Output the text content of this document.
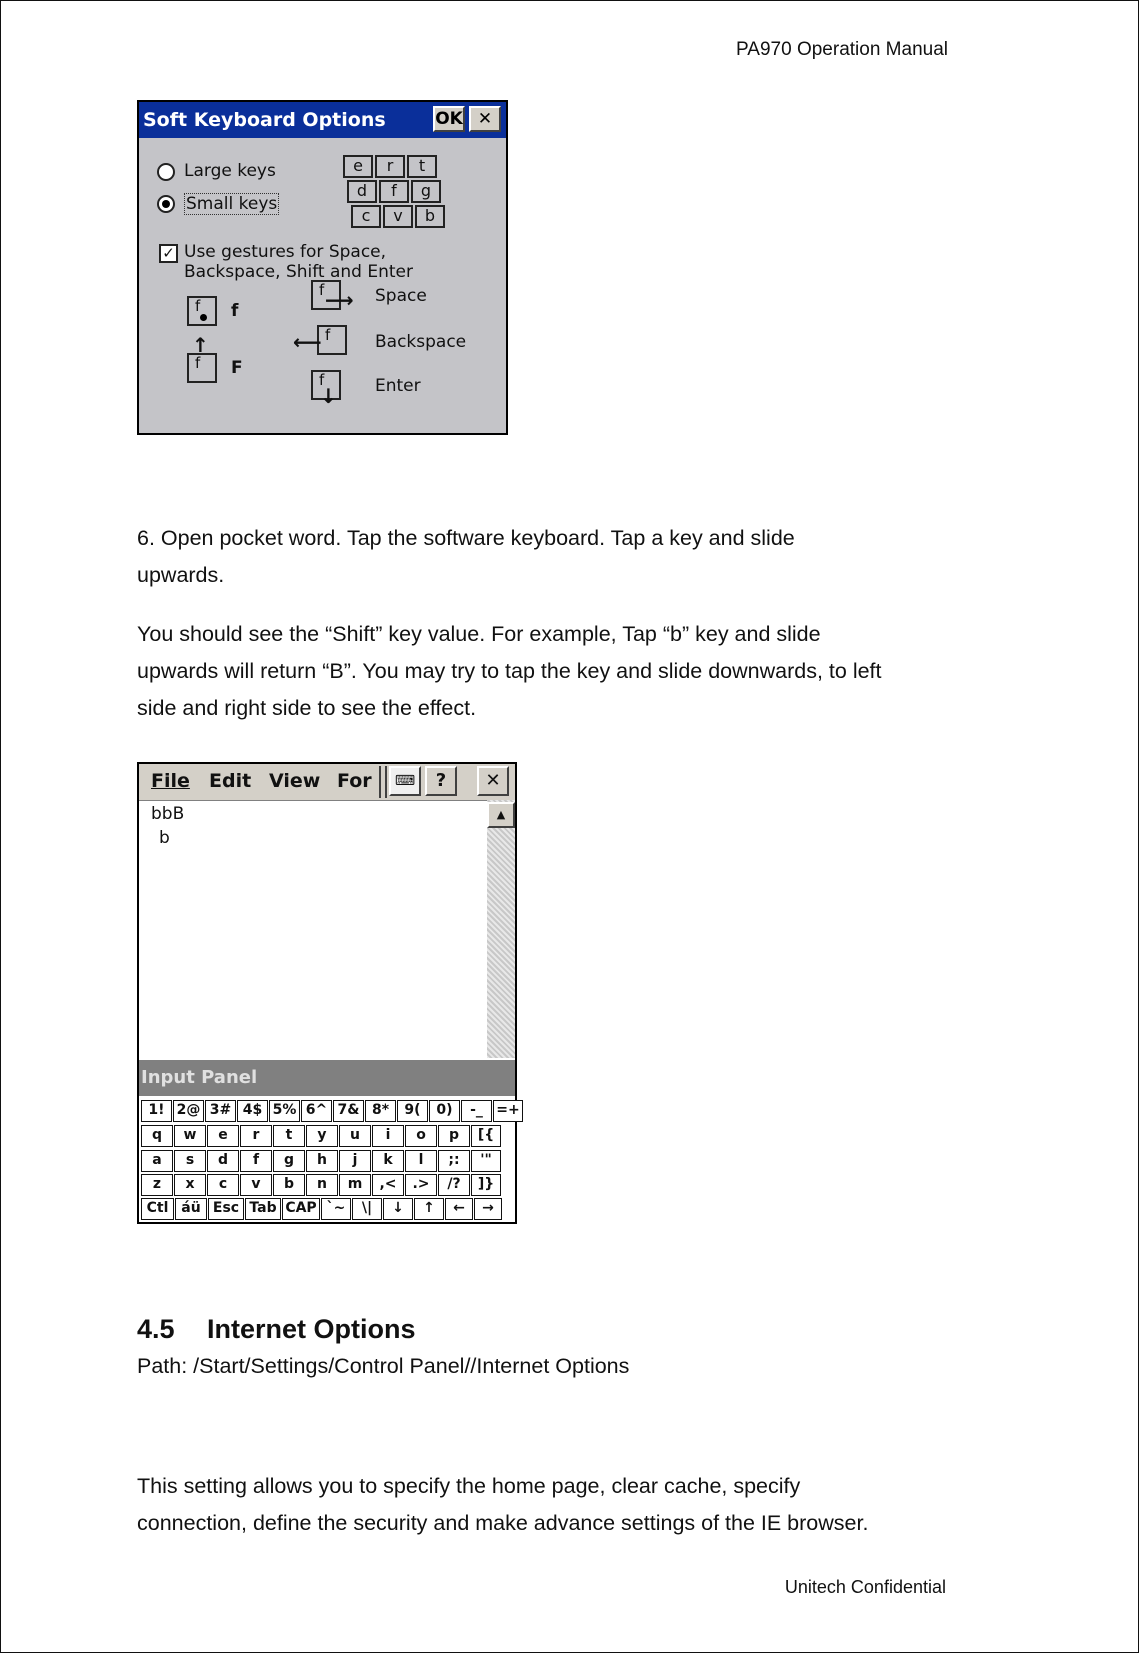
PA970 Operation Manual
Soft Keyboard Options	OK ✕
Large keys
Small keys
e	r	t
d	f	g
c	v	b
✓ Use gestures for Space,
Backspace, Shift and Enter
f	f
f
↑
F
f ⟶ Space
f
⟵	Backspace
f
↓ Enter
6. Open pocket word. Tap the software keyboard. Tap a key and slide
upwards.
You should see the “Shift” key value. For example, Tap “b” key and slide
upwards will return “B”. You may try to tap the key and slide downwards, to left
side and right side to see the effect.
File Edit View For	⌨	?	✕
bbB
b
▲
Input Panel
1! 2@ 3# 4$ 5% 6^ 7& 8*	9(	0)	-_ =+
q	w	e	r	t	y	u	i	o	p	[{
a	s	d	f	g	h	j	k	l	;:	'"
z	x	c	v	b	n	m	,<	.>	/?	]}
Ctl áü Esc Tab CAP `~	\|	↓	↑	←	→
4.5 Internet Options
Path: /Start/Settings/Control Panel//Internet Options
This setting allows you to specify the home page, clear cache, specify
connection, define the security and make advance settings of the IE browser.
Unitech Confidential
